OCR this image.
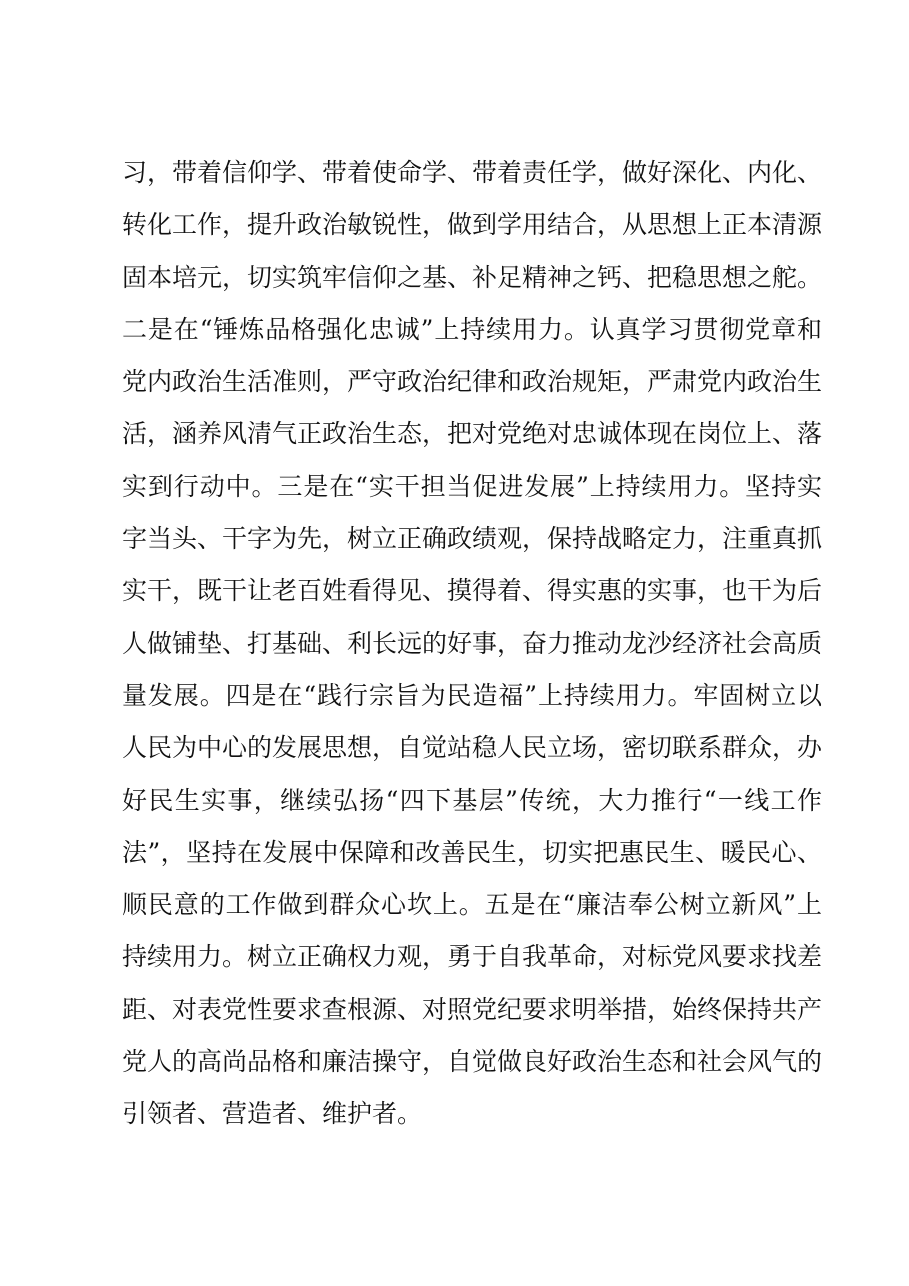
习，带着信仰学、带着使命学、带着责任学，做好深化、内化、
转化工作，提升政治敏锐性，做到学用结合，从思想上正本清源
固本培元，切实筑牢信仰之基、补足精神之钙、把稳思想之舵。
二是在“锤炼品格强化忠诚”上持续用力。认真学习贯彻党章和
党内政治生活准则，严守政治纪律和政治规矩，严肃党内政治生
活，涵养风清气正政治生态，把对党绝对忠诚体现在岗位上、落
实到行动中。三是在“实干担当促进发展”上持续用力。坚持实
字当头、干字为先，树立正确政绩观，保持战略定力，注重真抓
实干，既干让老百姓看得见、摸得着、得实惠的实事，也干为后
人做铺垫、打基础、利长远的好事，奋力推动龙沙经济社会高质
量发展。四是在“践行宗旨为民造福”上持续用力。牢固树立以
人民为中心的发展思想，自觉站稳人民立场，密切联系群众，办
好民生实事，继续弘扬“四下基层”传统，大力推行“一线工作
法”，坚持在发展中保障和改善民生，切实把惠民生、暖民心、
顺民意的工作做到群众心坎上。五是在“廉洁奉公树立新风”上
持续用力。树立正确权力观，勇于自我革命，对标党风要求找差
距、对表党性要求查根源、对照党纪要求明举措，始终保持共产
党人的高尚品格和廉洁操守，自觉做良好政治生态和社会风气的
引领者、营造者、维护者。
